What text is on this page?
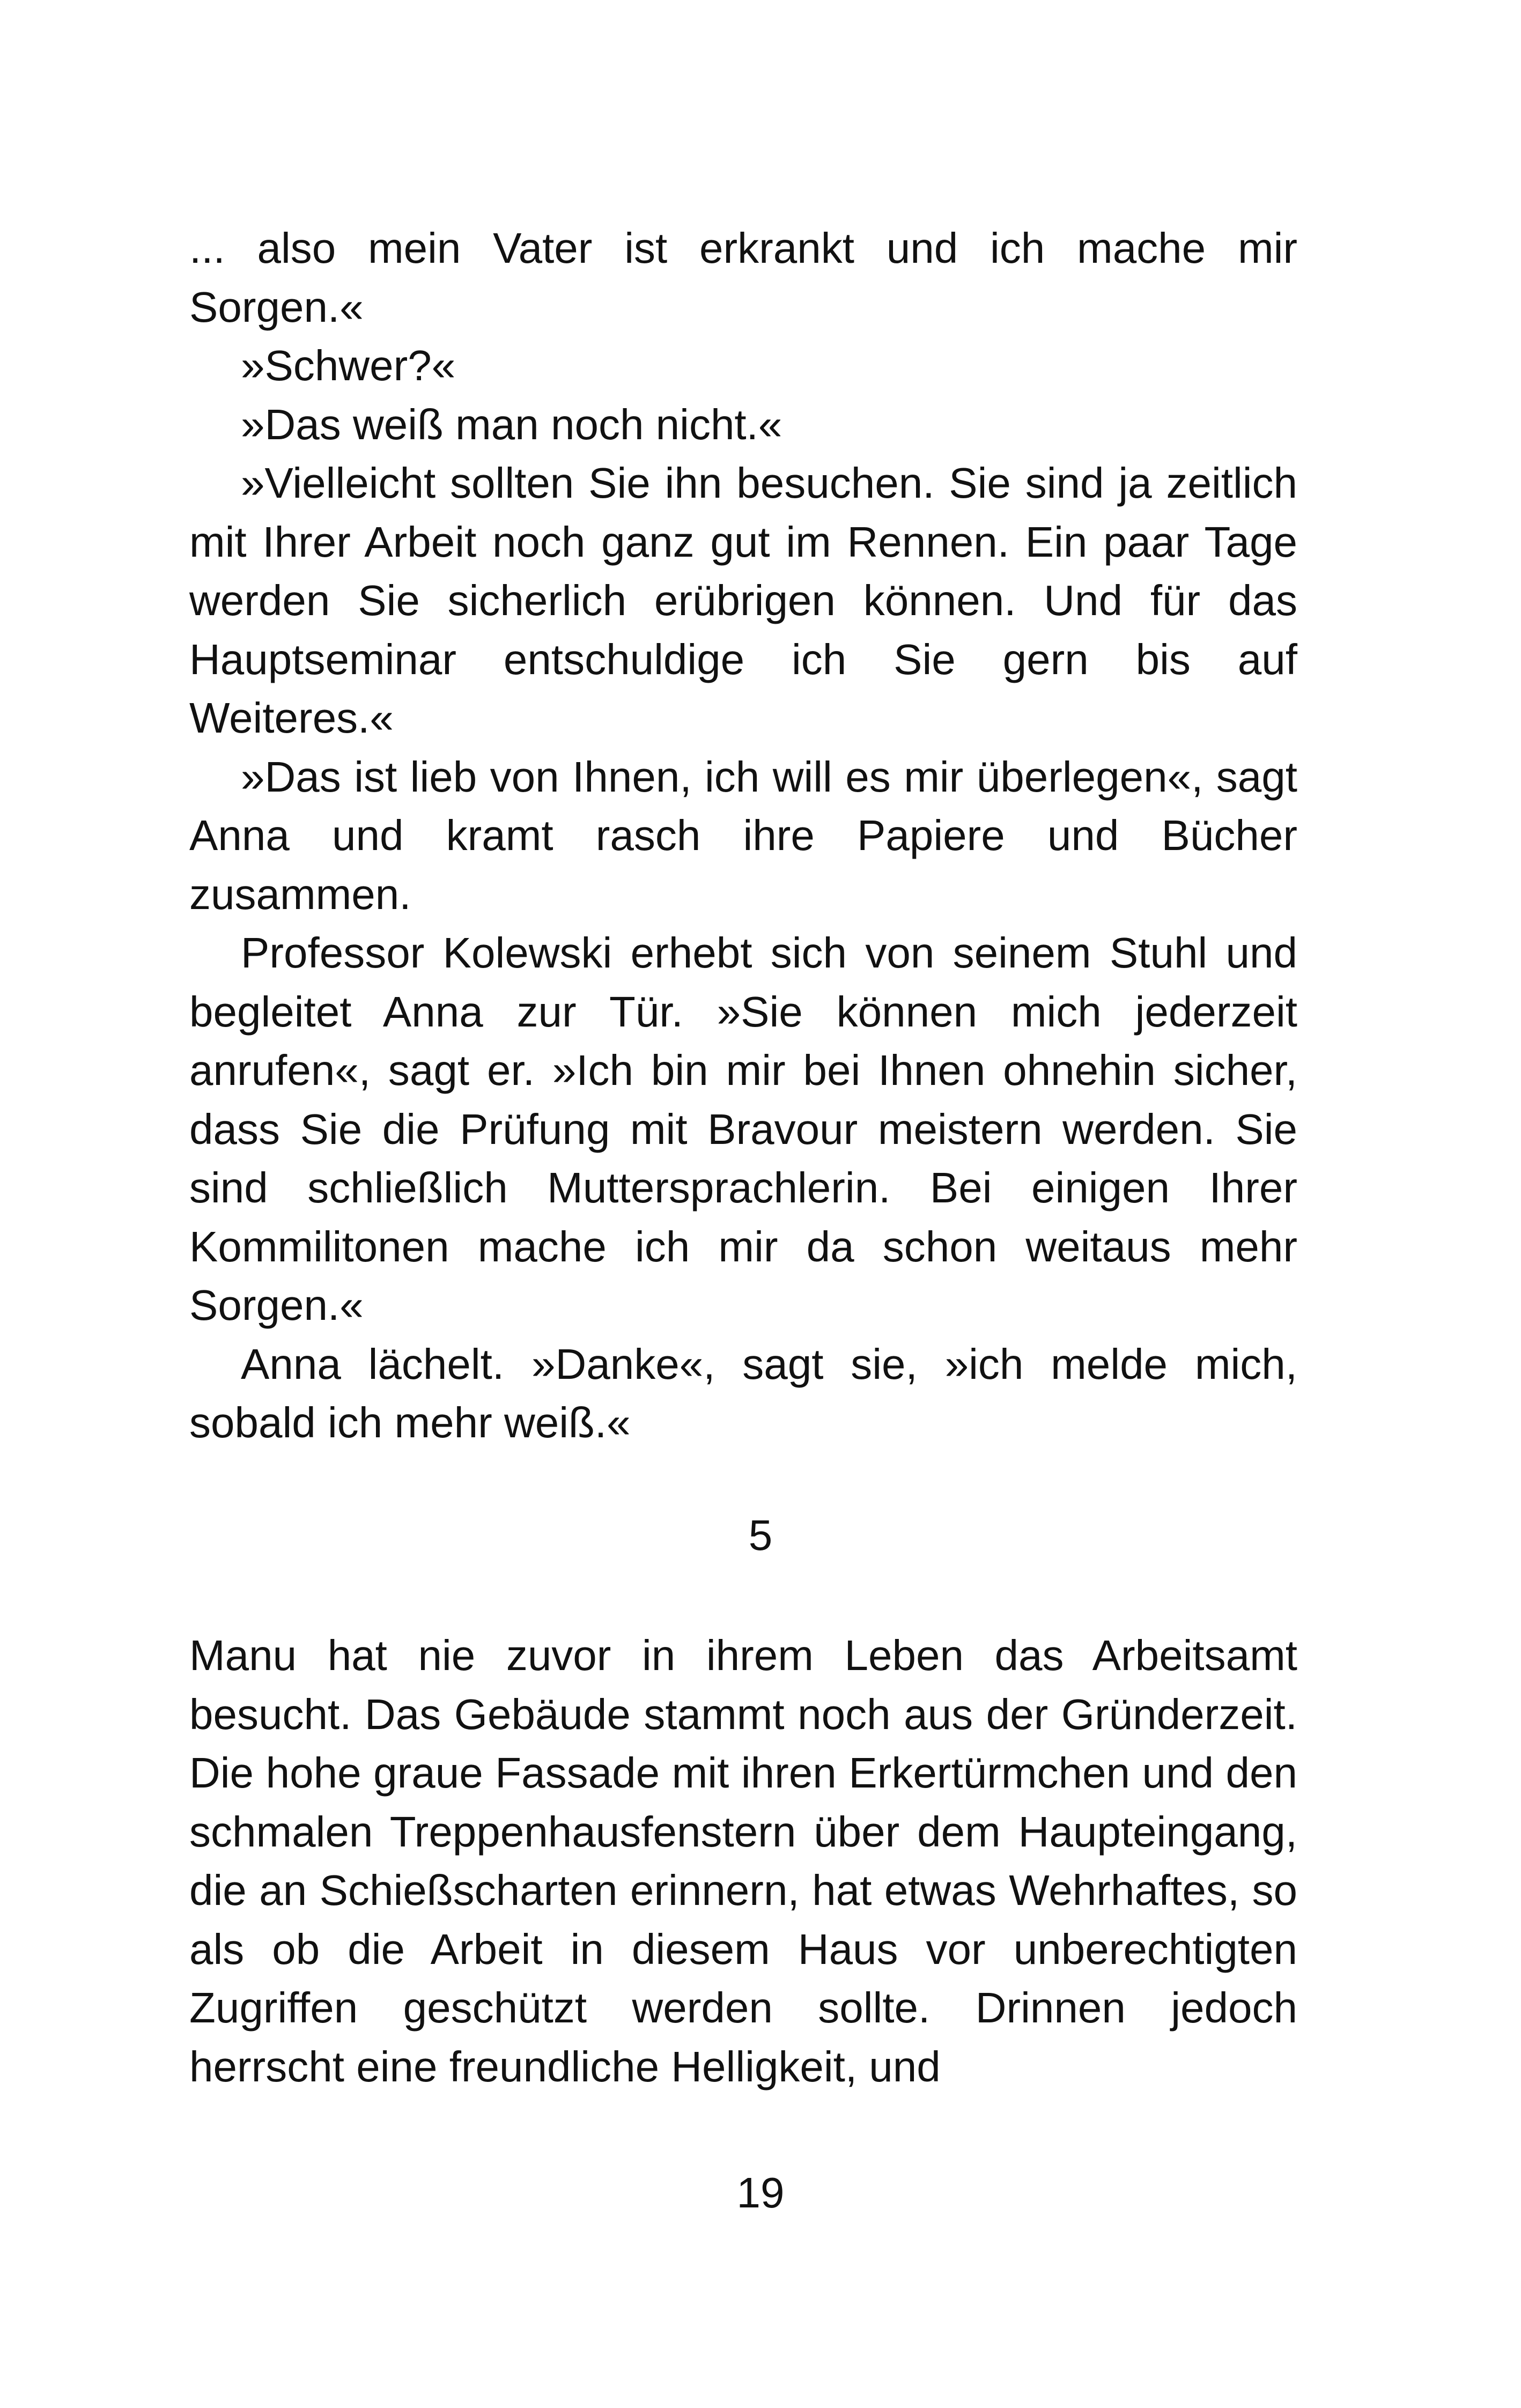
... also mein Vater ist erkrankt und ich mache mir Sorgen.«

»Schwer?«

»Das weiß man noch nicht.«

»Vielleicht sollten Sie ihn besuchen. Sie sind ja zeitlich mit Ihrer Arbeit noch ganz gut im Rennen. Ein paar Tage werden Sie sicherlich erübrigen können. Und für das Hauptseminar entschuldige ich Sie gern bis auf Weiteres.«

»Das ist lieb von Ihnen, ich will es mir überlegen«, sagt Anna und kramt rasch ihre Papiere und Bücher zusammen.

Professor Kolewski erhebt sich von seinem Stuhl und begleitet Anna zur Tür. »Sie können mich jederzeit anrufen«, sagt er. »Ich bin mir bei Ihnen ohnehin sicher, dass Sie die Prüfung mit Bravour meistern werden. Sie sind schließlich Muttersprachlerin. Bei einigen Ihrer Kommilitonen mache ich mir da schon weitaus mehr Sorgen.«

Anna lächelt. »Danke«, sagt sie, »ich melde mich, sobald ich mehr weiß.«

5

Manu hat nie zuvor in ihrem Leben das Arbeitsamt besucht. Das Gebäude stammt noch aus der Gründerzeit. Die hohe graue Fassade mit ihren Erkertürmchen und den schmalen Treppenhausfenstern über dem Haupteingang, die an Schießscharten erinnern, hat etwas Wehrhaftes, so als ob die Arbeit in diesem Haus vor unberechtigten Zugriffen geschützt werden sollte. Drinnen jedoch herrscht eine freundliche Helligkeit, und

19
